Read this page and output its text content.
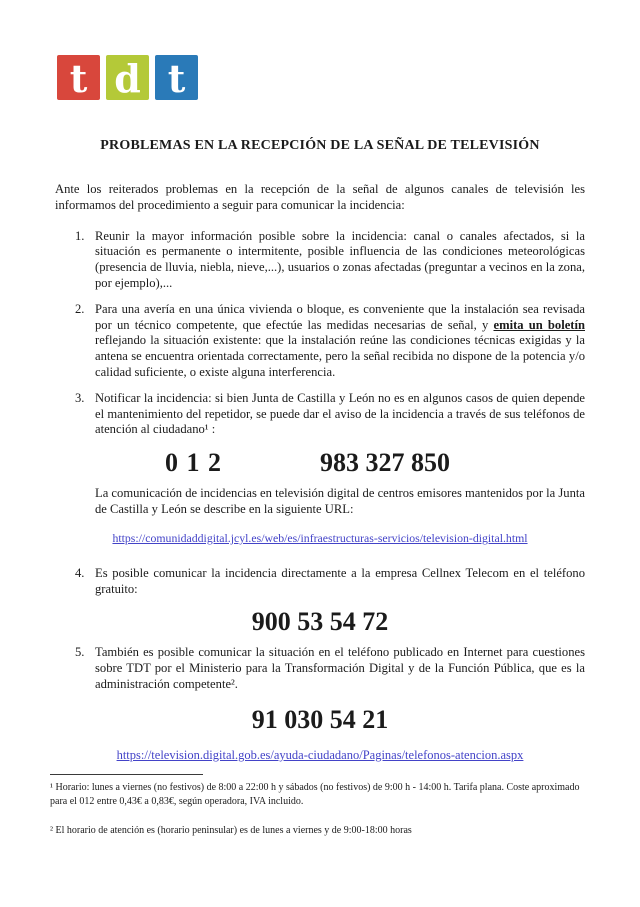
t d t
PROBLEMAS EN LA RECEPCIÓN DE LA SEÑAL DE TELEVISIÓN

Ante los reiterados problemas en la recepción de la señal de algunos canales de televisión les informamos del procedimiento a seguir para comunicar la incidencia:

1. Reunir la mayor información posible sobre la incidencia: canal o canales afectados, si la situación es permanente o intermitente, posible influencia de las condiciones meteorológicas (presencia de lluvia, niebla, nieve,...), usuarios o zonas afectadas (preguntar a vecinos en la zona, por ejemplo),...
2. Para una avería en una única vivienda o bloque, es conveniente que la instalación sea revisada por un técnico competente, que efectúe las medidas necesarias de señal, y emita un boletín reflejando la situación existente: que la instalación reúne las condiciones técnicas exigidas y la antena se encuentra orientada correctamente, pero la señal recibida no dispone de la potencia y/o calidad suficiente, o existe alguna interferencia.
3. Notificar la incidencia: si bien Junta de Castilla y León no es en algunos casos de quien depende el mantenimiento del repetidor, se puede dar el aviso de la incidencia a través de sus teléfonos de atención al ciudadano¹ :
0 1 2	983 327 850

La comunicación de incidencias en televisión digital de centros emisores mantenidos por la Junta de Castilla y León se describe en la siguiente URL:

https://comunidaddigital.jcyl.es/web/es/infraestructuras-servicios/television-digital.html
4. Es posible comunicar la incidencia directamente a la empresa Cellnex Telecom en el teléfono gratuito:
900 53 54 72
5. También es posible comunicar la situación en el teléfono publicado en Internet para cuestiones sobre TDT por el Ministerio para la Transformación Digital y de la Función Pública, que es la administración competente².
91 030 54 21
https://television.digital.gob.es/ayuda-ciudadano/Paginas/telefonos-atencion.aspx

¹ Horario: lunes a viernes (no festivos) de 8:00 a 22:00 h y sábados (no festivos) de 9:00 h - 14:00 h. Tarifa plana. Coste aproximado para el 012 entre 0,43€ a 0,83€, según operadora, IVA incluido.

² El horario de atención es (horario peninsular) es de lunes a viernes y de 9:00-18:00 horas
